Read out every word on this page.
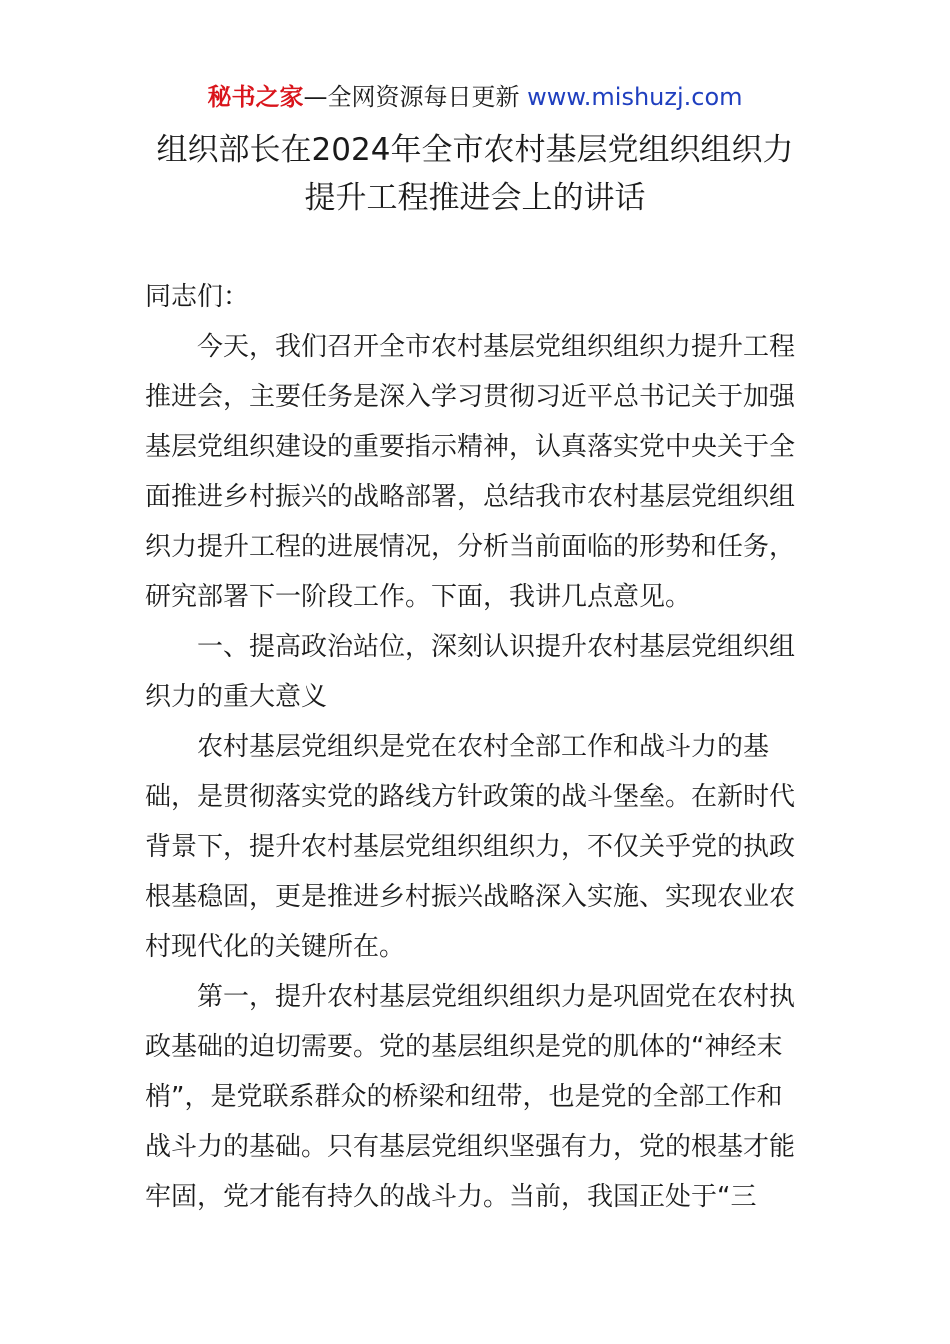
秘书之家—全网资源每日更新 www.mishuzj.com
组织部长在2024年全市农村基层党组织组织力
提升工程推进会上的讲话
同志们：
今天，我们召开全市农村基层党组织组织力提升工程
推进会，主要任务是深入学习贯彻习近平总书记关于加强
基层党组织建设的重要指示精神，认真落实党中央关于全
面推进乡村振兴的战略部署，总结我市农村基层党组织组
织力提升工程的进展情况，分析当前面临的形势和任务，
研究部署下一阶段工作。下面，我讲几点意见。
一、提高政治站位，深刻认识提升农村基层党组织组
织力的重大意义
农村基层党组织是党在农村全部工作和战斗力的基
础，是贯彻落实党的路线方针政策的战斗堡垒。在新时代
背景下，提升农村基层党组织组织力，不仅关乎党的执政
根基稳固，更是推进乡村振兴战略深入实施、实现农业农
村现代化的关键所在。
第一，提升农村基层党组织组织力是巩固党在农村执
政基础的迫切需要。党的基层组织是党的肌体的“神经末
梢”，是党联系群众的桥梁和纽带，也是党的全部工作和
战斗力的基础。只有基层党组织坚强有力，党的根基才能
牢固，党才能有持久的战斗力。当前，我国正处于“三
